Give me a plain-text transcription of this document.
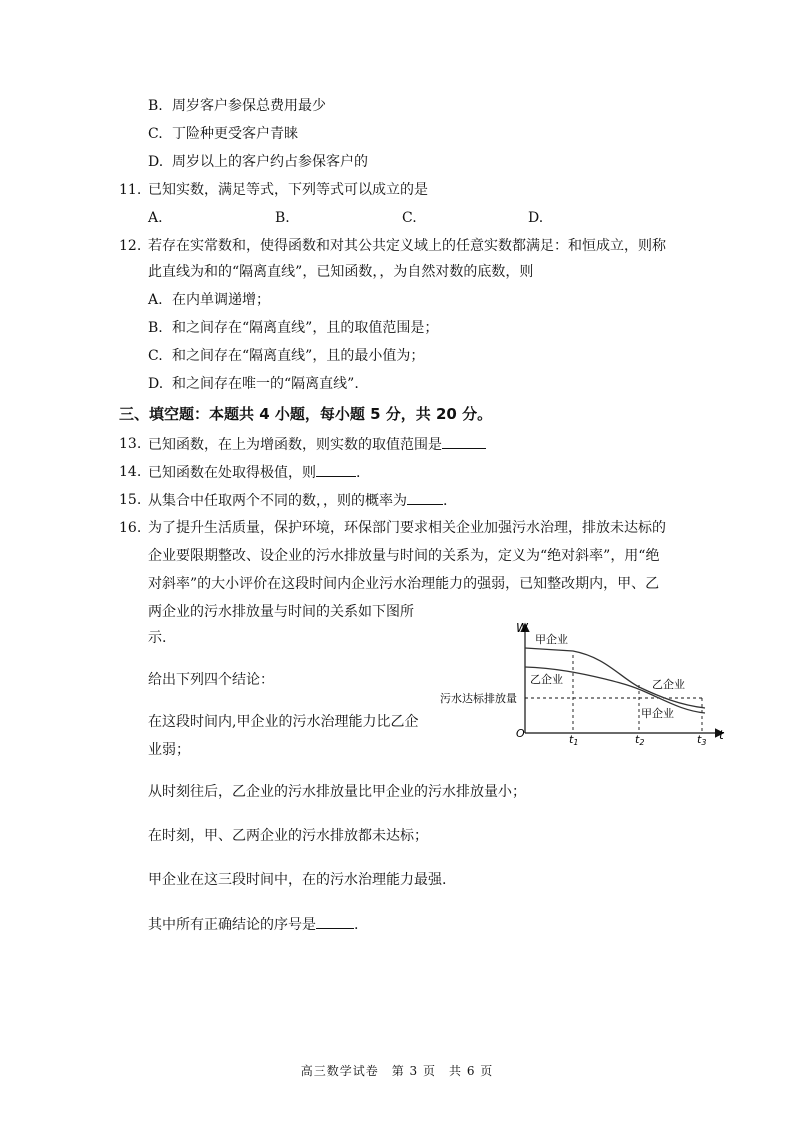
B. 周岁客户参保总费用最少
C. 丁险种更受客户青睐
D. 周岁以上的客户约占参保客户的
11. 已知实数，满足等式，下列等式可以成立的是
A.	B.	C.	D.
12. 若存在实常数和，使得函数和对其公共定义域上的任意实数都满足：和恒成立，则称
此直线为和的“隔离直线”，已知函数，，为自然对数的底数，则
A. 在内单调递增；
B. 和之间存在“隔离直线”，且的取值范围是；
C. 和之间存在“隔离直线”，且的最小值为；
D. 和之间存在唯一的“隔离直线”.
三、填空题：本题共 4 小题，每小题 5 分，共 20 分。
13. 已知函数，在上为增函数，则实数的取值范围是
14. 已知函数在处取得极值，则	.
15. 从集合中任取两个不同的数，，则的概率为	.
16. 为了提升生活质量，保护环境，环保部门要求相关企业加强污水治理，排放未达标的
企业要限期整改、设企业的污水排放量与时间的关系为，定义为“绝对斜率”，用“绝
对斜率”的大小评价在这段时间内企业污水治理能力的强弱，已知整改期内，甲、乙
两企业的污水排放量与时间的关系如下图所
示.
给出下列四个结论：
在这段时间内,甲企业的污水治理能力比乙企
业弱；
从时刻往后，乙企业的污水排放量比甲企业的污水排放量小；
在时刻，甲、乙两企业的污水排放都未达标；
甲企业在这三段时间中，在的污水治理能力最强.
其中所有正确结论的序号是	.
W
t
O
污水达标排放量
甲企业
乙企业	乙企业
甲企业
t1	t2	t3
高三数学试卷　第 3 页　共 6 页
